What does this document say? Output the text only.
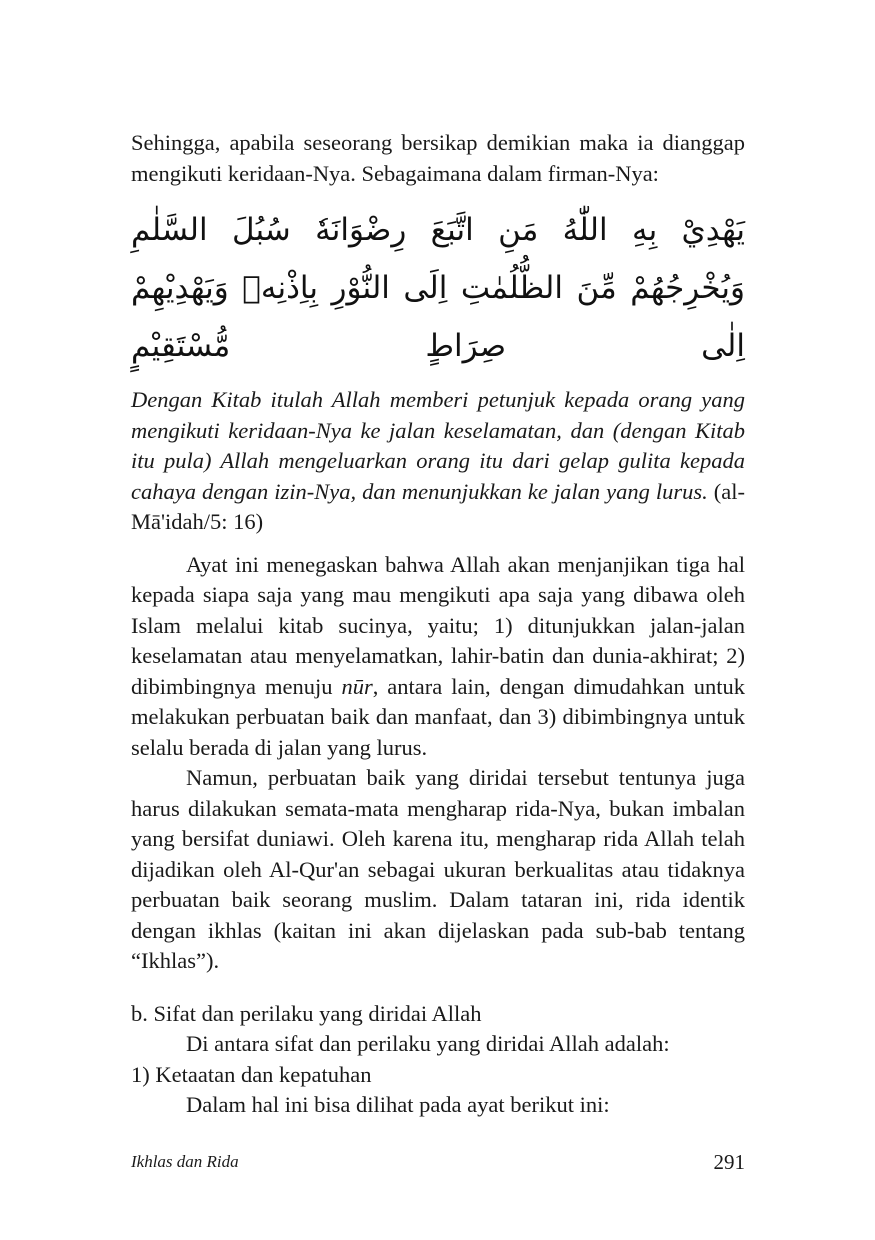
Sehingga, apabila seseorang bersikap demikian maka ia dianggap mengikuti keridaan-Nya. Sebagaimana dalam firman-Nya:

يَهْدِيْ بِهِ اللّٰهُ مَنِ اتَّبَعَ رِضْوَانَهٗ سُبُلَ السَّلٰمِ وَيُخْرِجُهُمْ مِّنَ الظُّلُمٰتِ اِلَى النُّوْرِ بِاِذْنِهٖ وَيَهْدِيْهِمْ اِلٰى صِرَاطٍ مُّسْتَقِيْمٍ

Dengan Kitab itulah Allah memberi petunjuk kepada orang yang mengikuti keridaan-Nya ke jalan keselamatan, dan (dengan Kitab itu pula) Allah mengeluarkan orang itu dari gelap gulita kepada cahaya dengan izin-Nya, dan menunjukkan ke jalan yang lurus. (al-Mā'idah/5: 16)

Ayat ini menegaskan bahwa Allah akan menjanjikan tiga hal kepada siapa saja yang mau mengikuti apa saja yang dibawa oleh Islam melalui kitab sucinya, yaitu; 1) ditunjukkan jalan-jalan keselamatan atau menyelamatkan, lahir-batin dan dunia-akhirat; 2) dibimbingnya menuju nūr, antara lain, dengan dimudahkan untuk melakukan perbuatan baik dan manfaat, dan 3) dibimbingnya untuk selalu berada di jalan yang lurus.

Namun, perbuatan baik yang diridai tersebut tentunya juga harus dilakukan semata-mata mengharap rida-Nya, bukan imbalan yang bersifat duniawi. Oleh karena itu, mengharap rida Allah telah dijadikan oleh Al-Qur'an sebagai ukuran berkualitas atau tidaknya perbuatan baik seorang muslim. Dalam tataran ini, rida identik dengan ikhlas (kaitan ini akan dijelaskan pada sub-bab tentang “Ikhlas”).

b. Sifat dan perilaku yang diridai Allah

Di antara sifat dan perilaku yang diridai Allah adalah:

1) Ketaatan dan kepatuhan

Dalam hal ini bisa dilihat pada ayat berikut ini:

Ikhlas dan Rida	291
